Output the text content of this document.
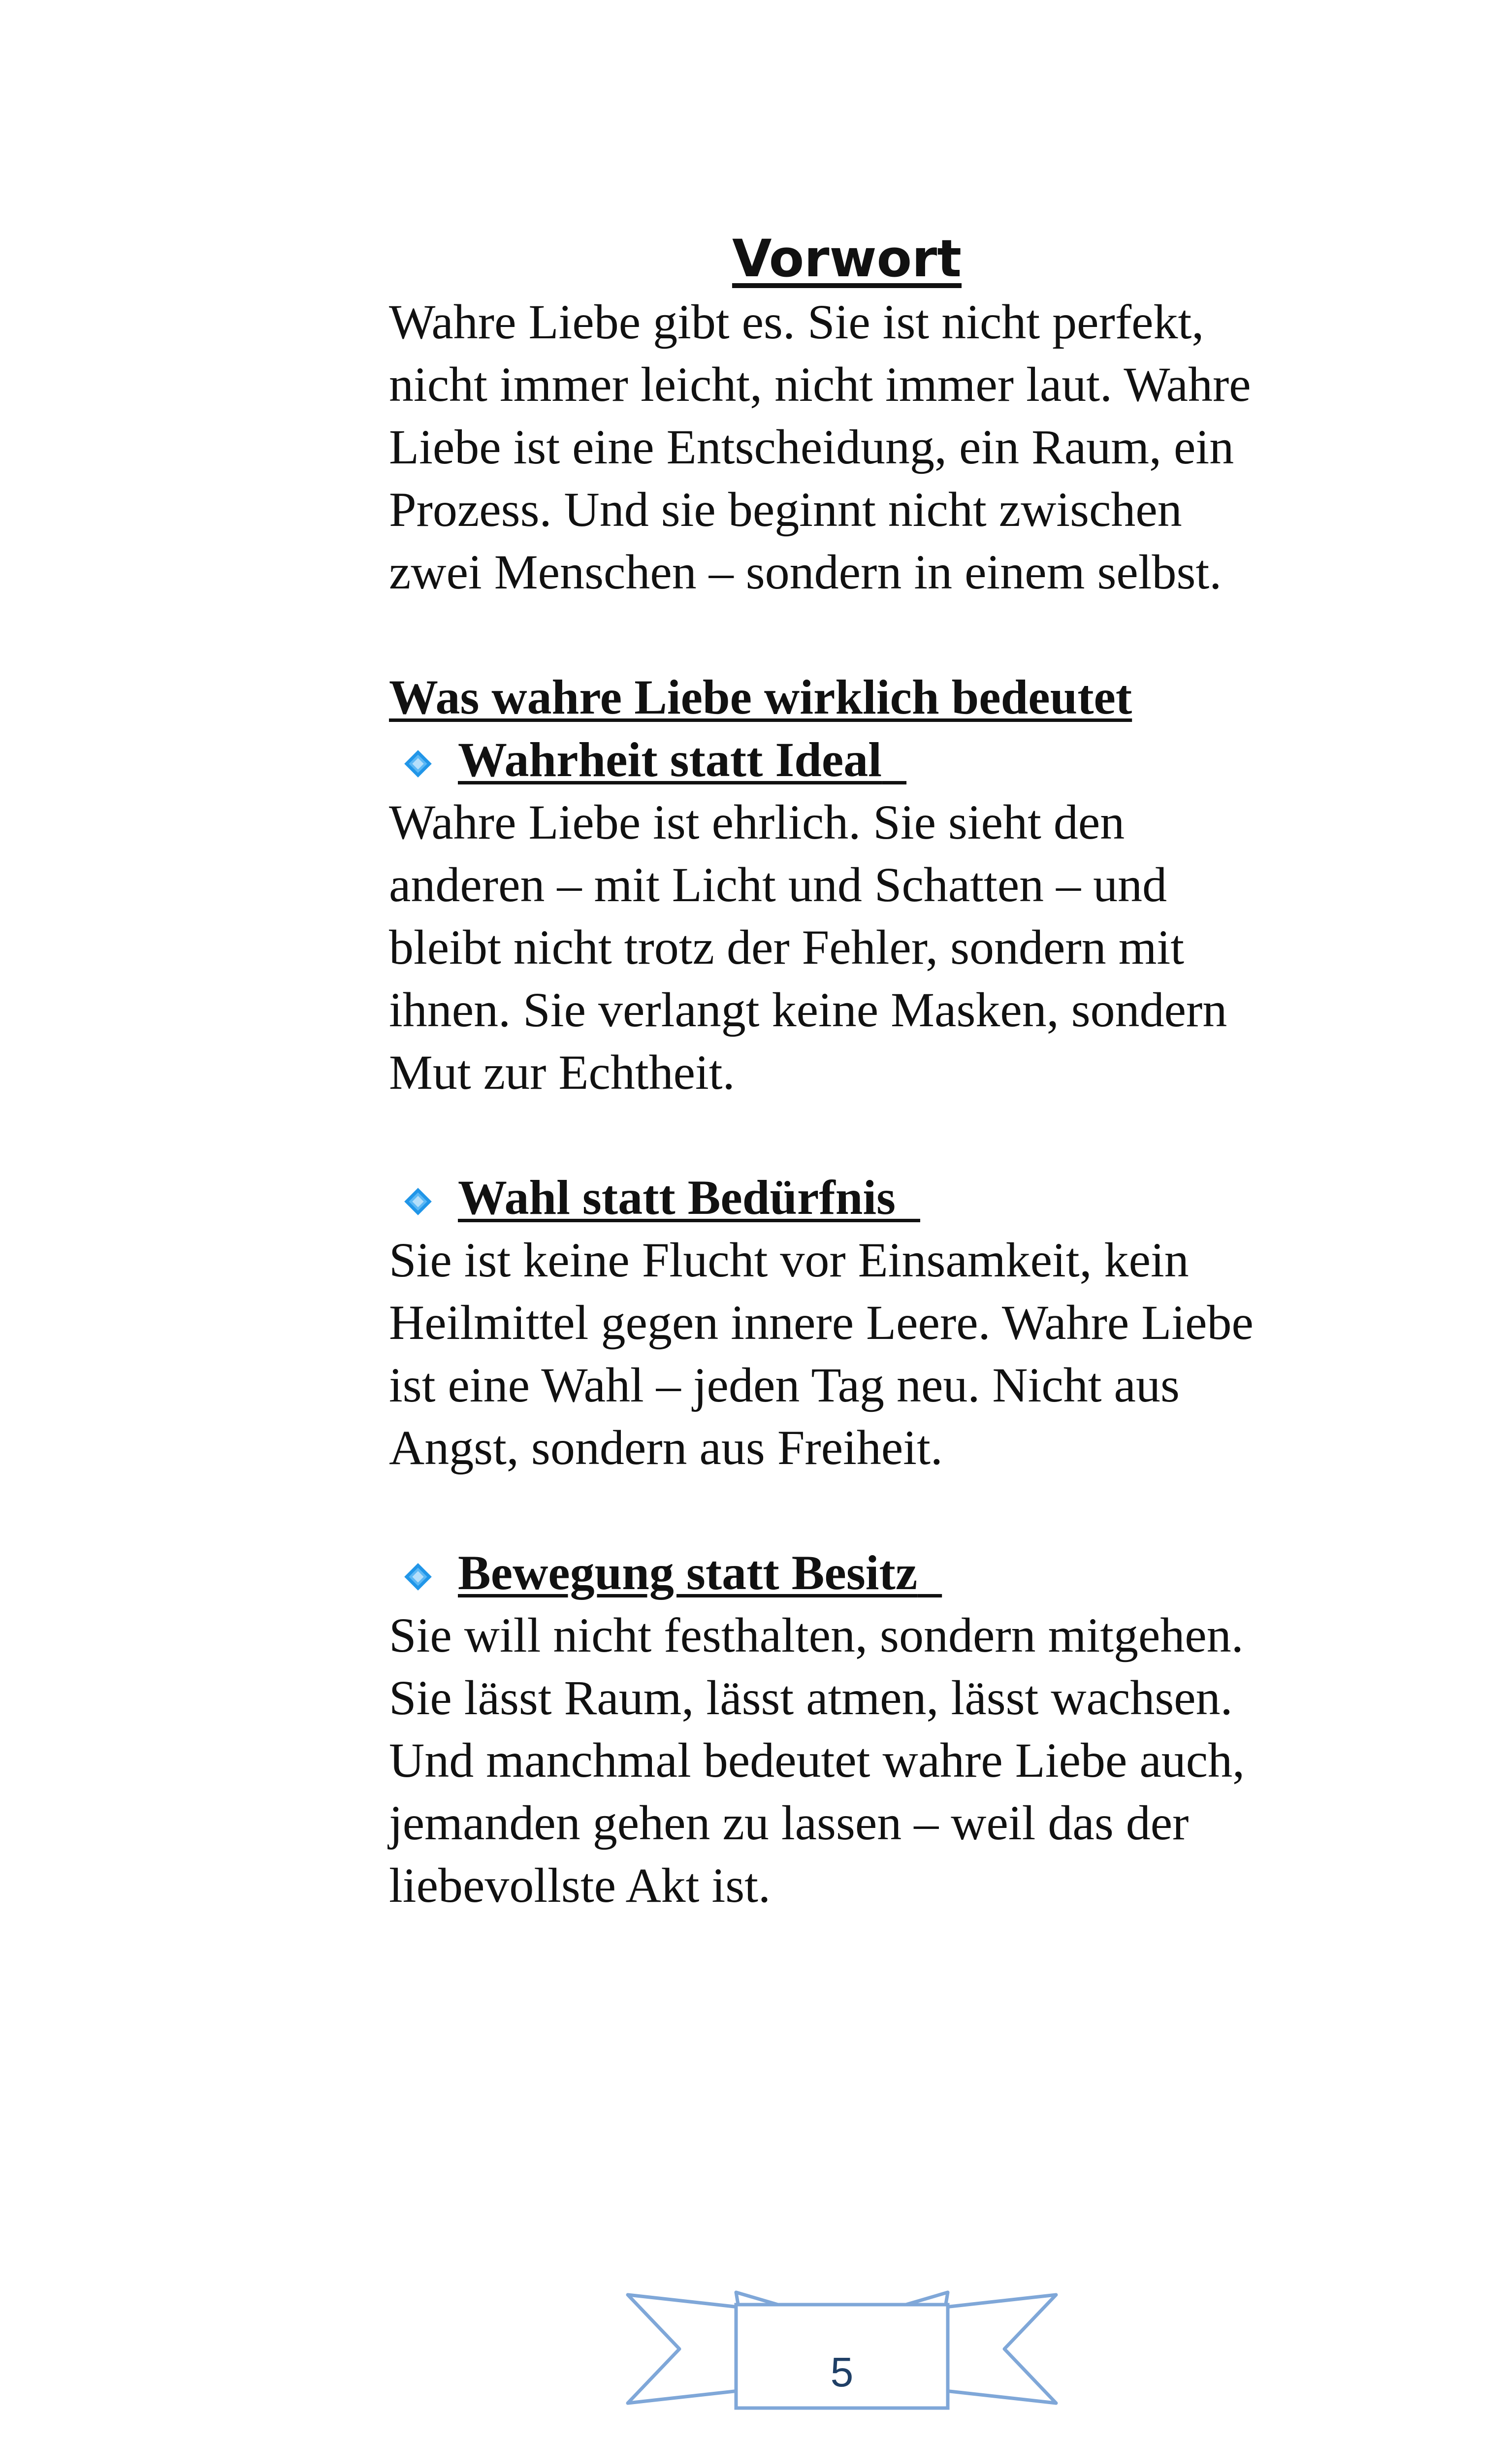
Vorwort
Wahre Liebe gibt es. Sie ist nicht perfekt,
nicht immer leicht, nicht immer laut. Wahre
Liebe ist eine Entscheidung, ein Raum, ein
Prozess. Und sie beginnt nicht zwischen
zwei Menschen – sondern in einem selbst.
Was wahre Liebe wirklich bedeutet
Wahrheit statt Ideal
Wahre Liebe ist ehrlich. Sie sieht den
anderen – mit Licht und Schatten – und
bleibt nicht trotz der Fehler, sondern mit
ihnen. Sie verlangt keine Masken, sondern
Mut zur Echtheit.
Wahl statt Bedürfnis
Sie ist keine Flucht vor Einsamkeit, kein
Heilmittel gegen innere Leere. Wahre Liebe
ist eine Wahl – jeden Tag neu. Nicht aus
Angst, sondern aus Freiheit.
Bewegung statt Besitz
Sie will nicht festhalten, sondern mitgehen.
Sie lässt Raum, lässt atmen, lässt wachsen.
Und manchmal bedeutet wahre Liebe auch,
jemanden gehen zu lassen – weil das der
liebevollste Akt ist.
5
